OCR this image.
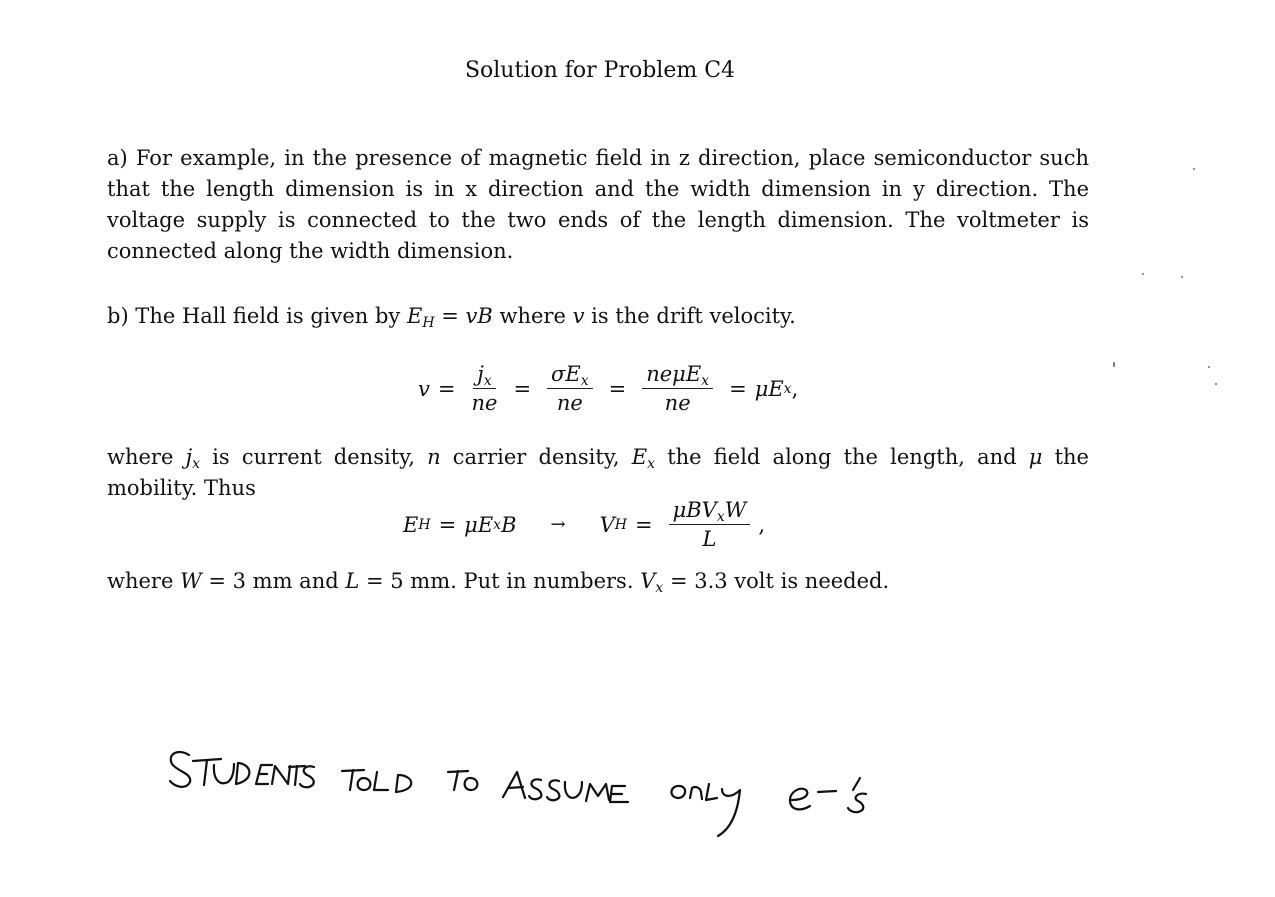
Solution for Problem C4
a) For example, in the presence of magnetic field in z direction, place semiconductor such
that the length dimension is in x direction and the width dimension in y direction. The
voltage supply is connected to the two ends of the length dimension. The voltmeter is
connected along the width dimension.
b) The Hall field is given by $E_H$ = vB where v is the drift velocity.
$v = \frac{j_x}{ne} = \frac{\sigma E_x}{ne} = \frac{ne\mu E_x}{ne} = \mu E$ x ,
where $j_x$ is current density, n carrier density, $E_x$ the field along the length, and μ the
mobility. Thus
E H = μE x B → V $H = \frac{\mu BV_xW}{L}$ ,
where W = 3 mm and L = 5 mm. Put in numbers. $V_x = 3.3$ volt is needed.
